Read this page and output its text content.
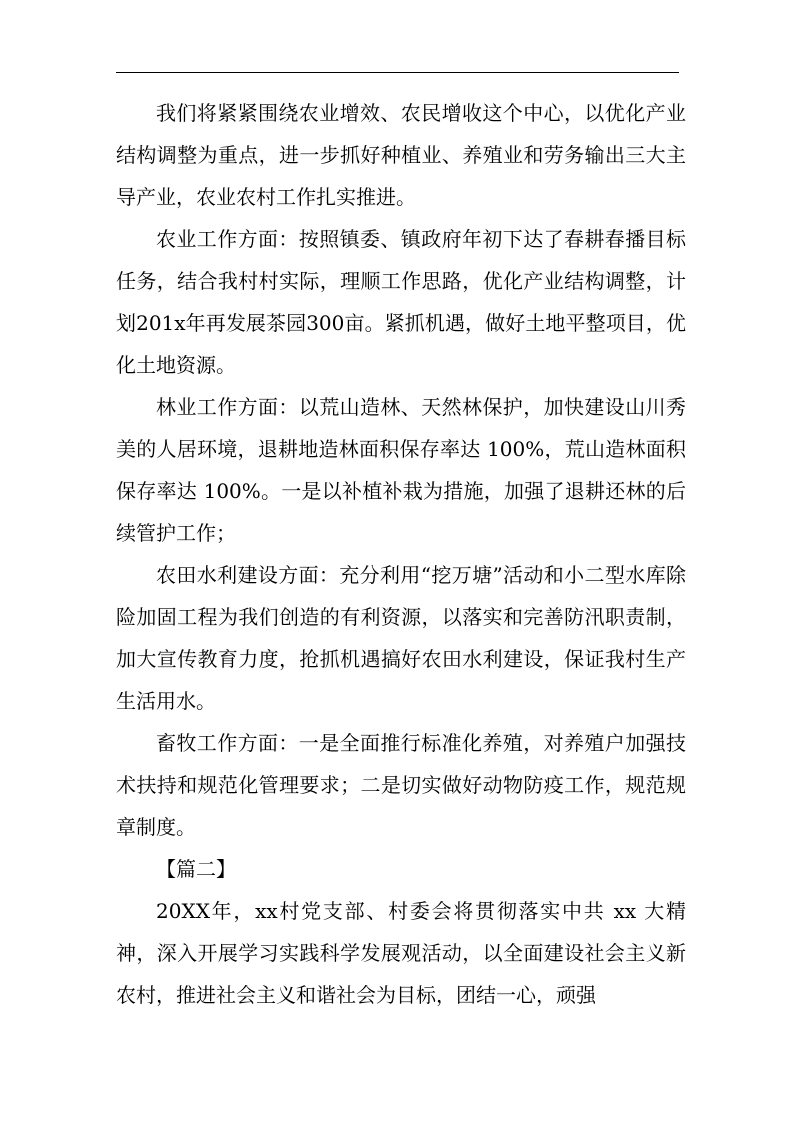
我们将紧紧围绕农业增效、农民增收这个中心，以优化产业结构调整为重点，进一步抓好种植业、养殖业和劳务输出三大主导产业，农业农村工作扎实推进。

农业工作方面：按照镇委、镇政府年初下达了春耕春播目标任务，结合我村村实际，理顺工作思路，优化产业结构调整，计划201x年再发展茶园300亩。紧抓机遇，做好土地平整项目，优化土地资源。

林业工作方面：以荒山造林、天然林保护，加快建设山川秀美的人居环境，退耕地造林面积保存率达 100%，荒山造林面积保存率达 100%。一是以补植补栽为措施，加强了退耕还林的后续管护工作；

农田水利建设方面：充分利用“挖万塘”活动和小二型水库除险加固工程为我们创造的有利资源，以落实和完善防汛职责制，加大宣传教育力度，抢抓机遇搞好农田水利建设，保证我村生产生活用水。

畜牧工作方面：一是全面推行标准化养殖，对养殖户加强技术扶持和规范化管理要求；二是切实做好动物防疫工作，规范规章制度。

【篇二】

20XX年，xx村党支部、村委会将贯彻落实中共 xx 大精神，深入开展学习实践科学发展观活动，以全面建设社会主义新农村，推进社会主义和谐社会为目标，团结一心，顽强
